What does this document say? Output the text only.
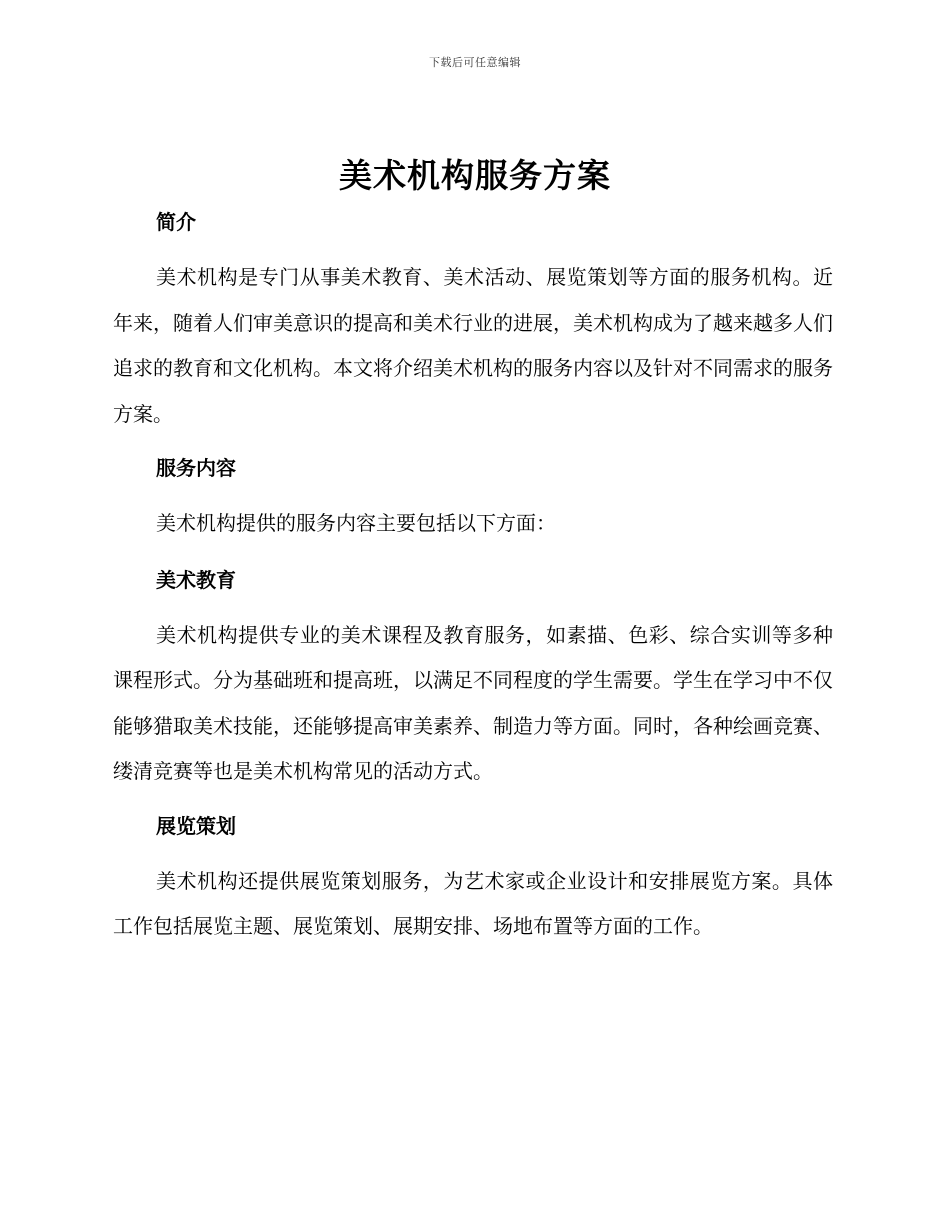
下载后可任意编辑
美术机构服务方案
简介
美术机构是专门从事美术教育、美术活动、展览策划等方面的服务机构。近年来，随着人们审美意识的提高和美术行业的进展，美术机构成为了越来越多人们追求的教育和文化机构。本文将介绍美术机构的服务内容以及针对不同需求的服务方案。
服务内容
美术机构提供的服务内容主要包括以下方面：
美术教育
美术机构提供专业的美术课程及教育服务，如素描、色彩、综合实训等多种课程形式。分为基础班和提高班，以满足不同程度的学生需要。学生在学习中不仅能够猎取美术技能，还能够提高审美素养、制造力等方面。同时，各种绘画竞赛、缕清竞赛等也是美术机构常见的活动方式。
展览策划
美术机构还提供展览策划服务，为艺术家或企业设计和安排展览方案。具体工作包括展览主题、展览策划、展期安排、场地布置等方面的工作。
